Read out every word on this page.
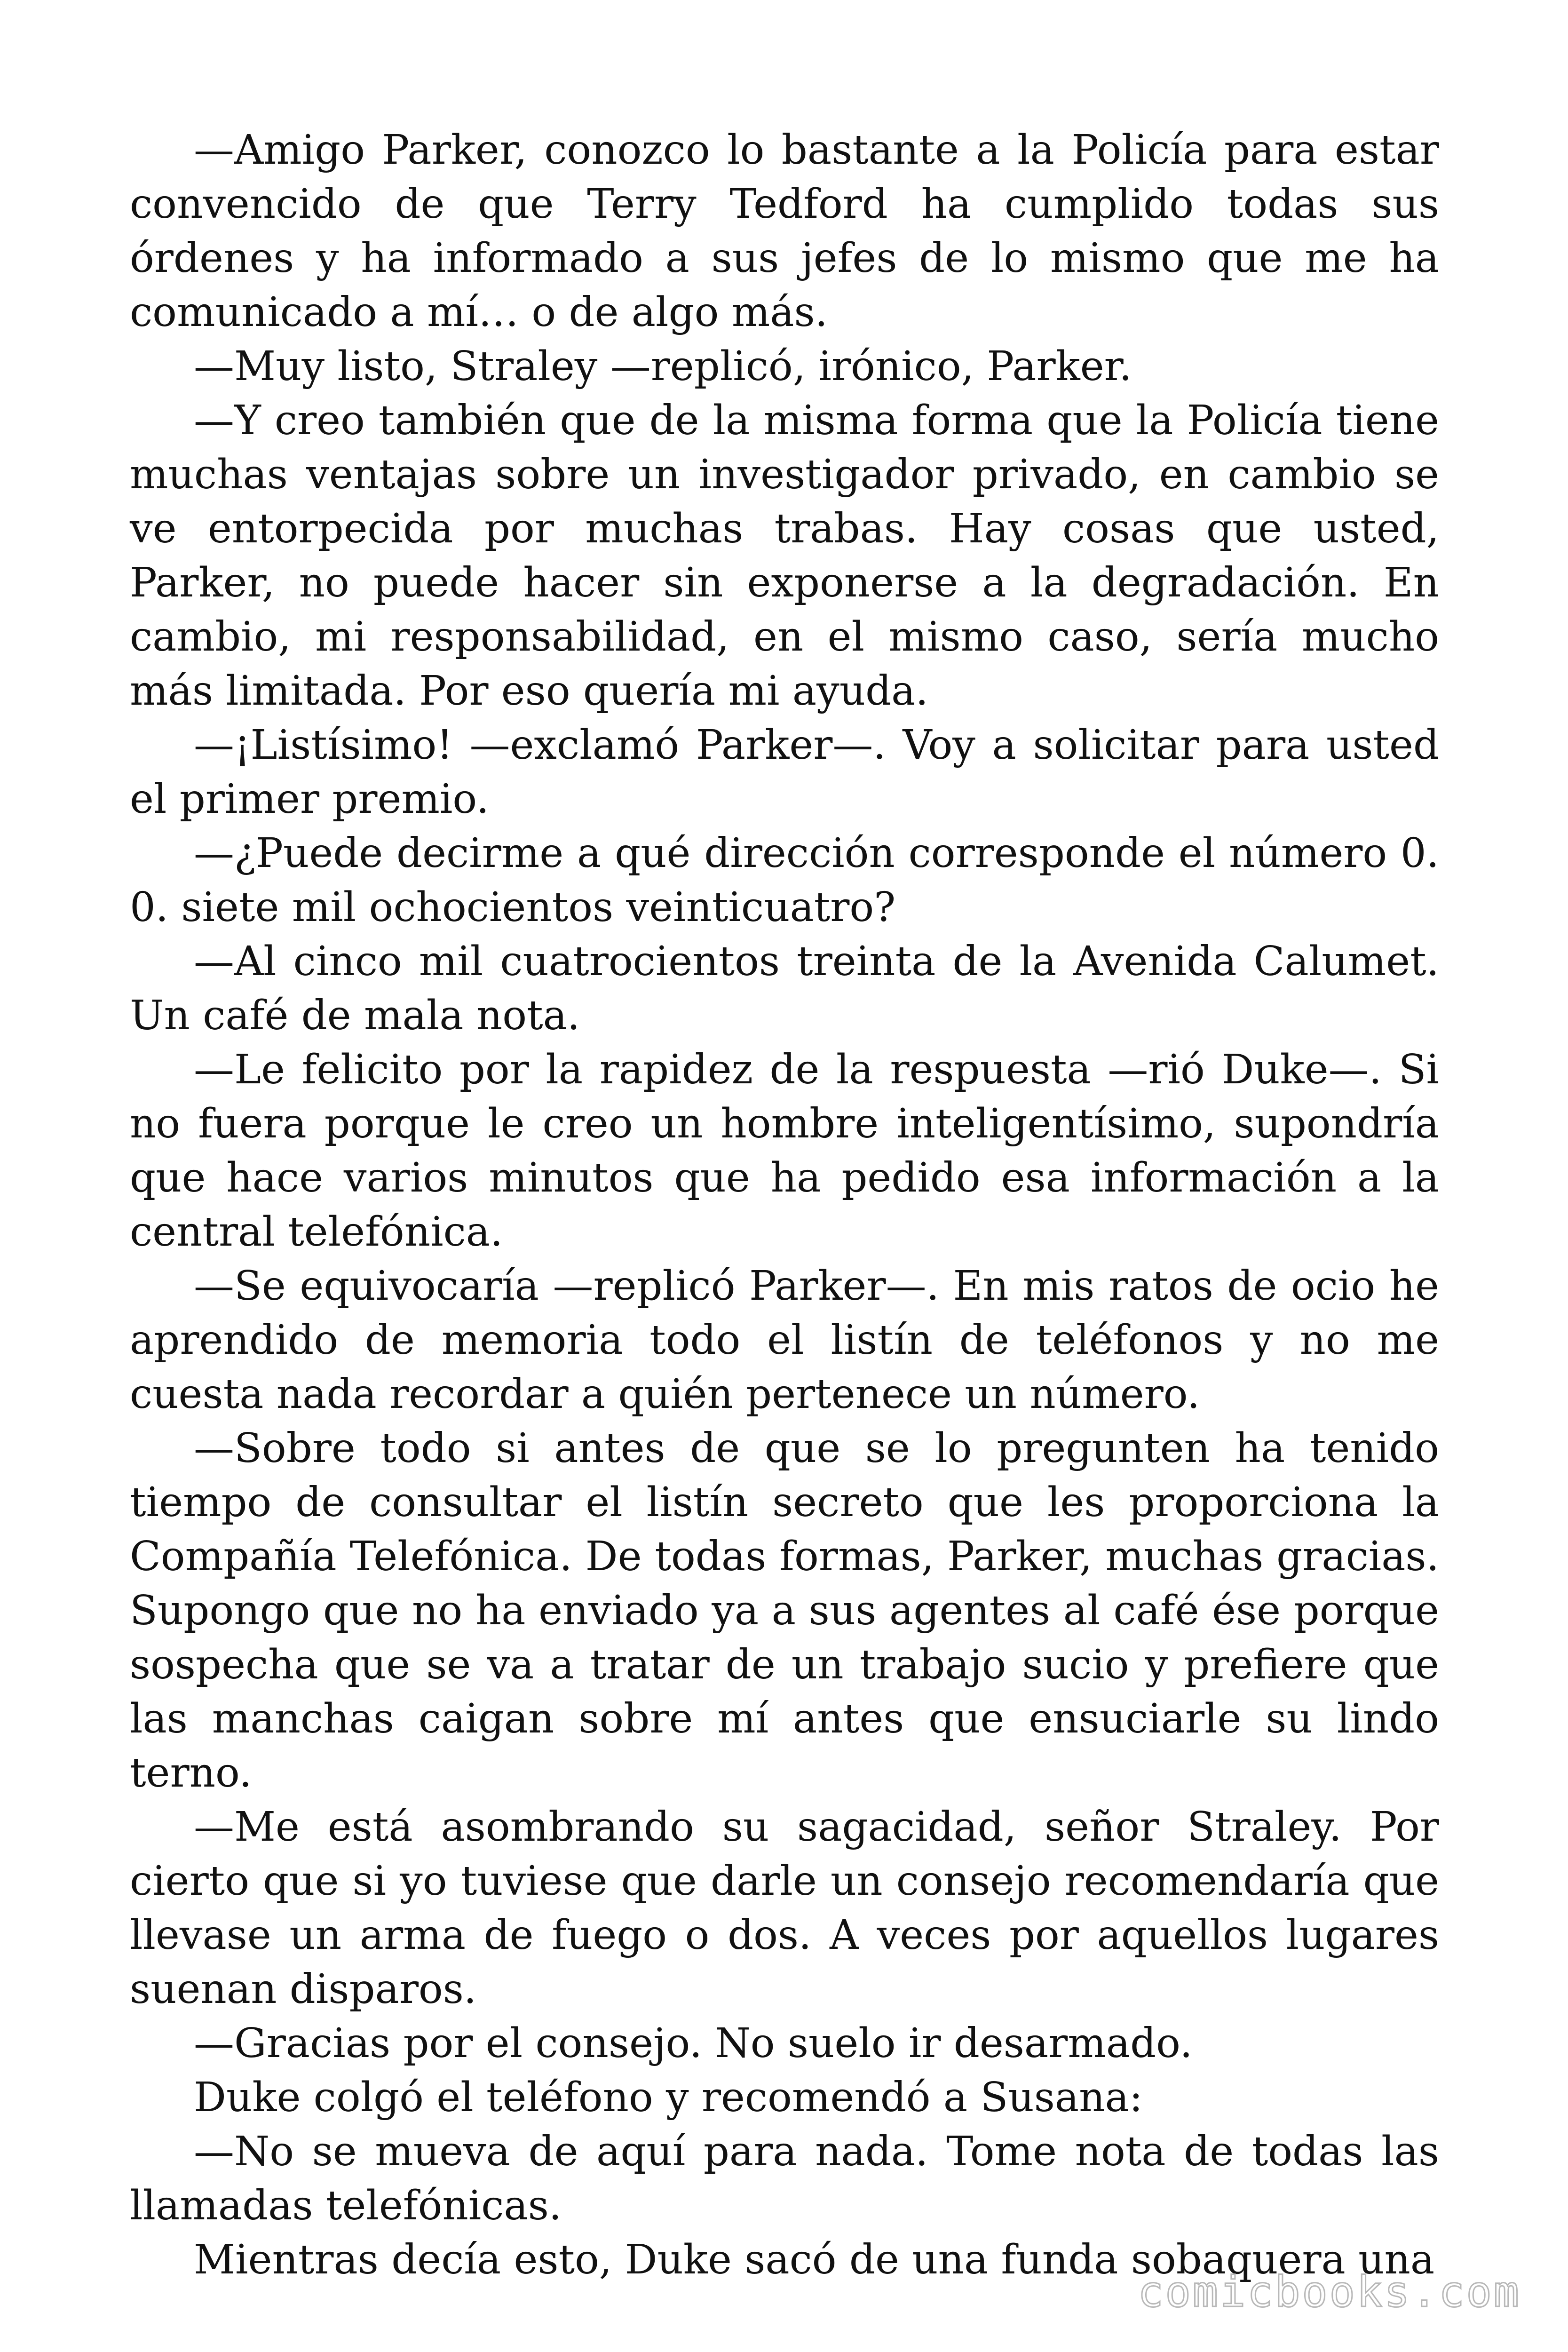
—Amigo Parker, conozco lo bastante a la Policía para estar convencido de que Terry Tedford ha cumplido todas sus órdenes y ha informado a sus jefes de lo mismo que me ha comunicado a mí… o de algo más.

—Muy listo, Straley —replicó, irónico, Parker.

—Y creo también que de la misma forma que la Policía tiene muchas ventajas sobre un investigador privado, en cambio se ve entorpecida por muchas trabas. Hay cosas que usted, Parker, no puede hacer sin exponerse a la degradación. En cambio, mi responsabilidad, en el mismo caso, sería mucho más limitada. Por eso quería mi ayuda.

—¡Listísimo! —exclamó Parker—. Voy a solicitar para usted el primer premio.

—¿Puede decirme a qué dirección corresponde el número 0. 0. siete mil ochocientos veinticuatro?

—Al cinco mil cuatrocientos treinta de la Avenida Calumet. Un café de mala nota.

—Le felicito por la rapidez de la respuesta —rió Duke—. Si no fuera porque le creo un hombre inteligentísimo, supondría que hace varios minutos que ha pedido esa información a la central telefónica.

—Se equivocaría —replicó Parker—. En mis ratos de ocio he aprendido de memoria todo el listín de teléfonos y no me cuesta nada recordar a quién pertenece un número.

—Sobre todo si antes de que se lo pregunten ha tenido tiempo de consultar el listín secreto que les proporciona la Compañía Telefónica. De todas formas, Parker, muchas gracias. Supongo que no ha enviado ya a sus agentes al café ése porque sospecha que se va a tratar de un trabajo sucio y prefiere que las manchas caigan sobre mí antes que ensuciarle su lindo terno.

—Me está asombrando su sagacidad, señor Straley. Por cierto que si yo tuviese que darle un consejo recomendaría que llevase un arma de fuego o dos. A veces por aquellos lugares suenan disparos.

—Gracias por el consejo. No suelo ir desarmado.

Duke colgó el teléfono y recomendó a Susana:

—No se mueva de aquí para nada. Tome nota de todas las llamadas telefónicas.

Mientras decía esto, Duke sacó de una funda sobaquera una

comicbooks.com
